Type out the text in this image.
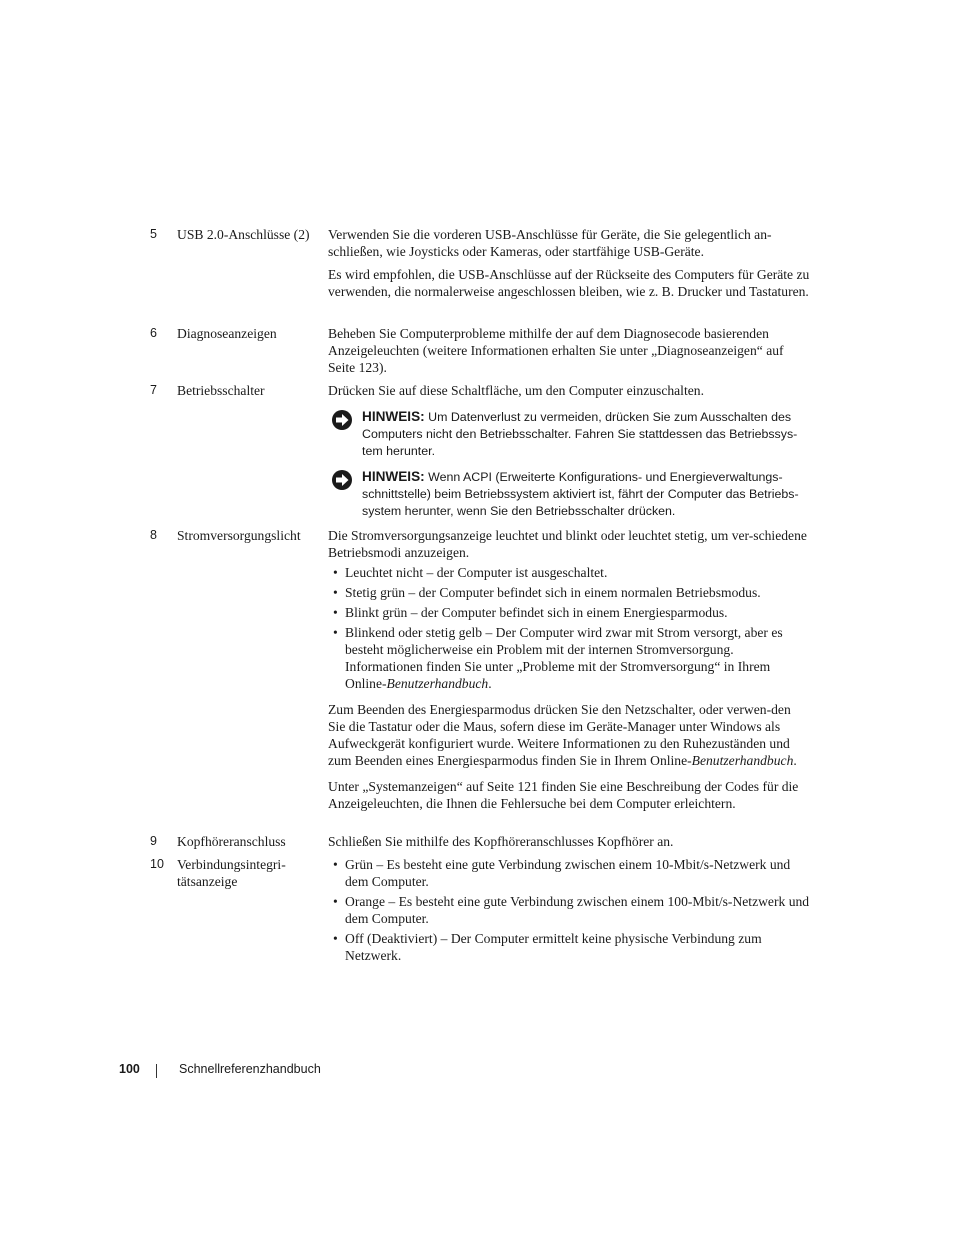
5 USB 2.0-Anschlüsse (2)	Verwenden Sie die vorderen USB-Anschlüsse für Geräte, die Sie gelegentlich an-schließen, wie Joysticks oder Kameras, oder startfähige USB-Geräte.

Es wird empfohlen, die USB-Anschlüsse auf der Rückseite des Computers für Geräte zu verwenden, die normalerweise angeschlossen bleiben, wie z. B. Drucker und Tastaturen.

6 Diagnoseanzeigen	Beheben Sie Computerprobleme mithilfe der auf dem Diagnosecode basierenden Anzeigeleuchten (weitere Informationen erhalten Sie unter „Diagnoseanzeigen“ auf Seite 123).

7 Betriebsschalter	Drücken Sie auf diese Schaltfläche, um den Computer einzuschalten.

HINWEIS: Um Datenverlust zu vermeiden, drücken Sie zum Ausschalten des Computers nicht den Betriebsschalter. Fahren Sie stattdessen das Betriebssys-tem herunter.
HINWEIS: Wenn ACPI (Erweiterte Konfigurations- und Energieverwaltungs-schnittstelle) beim Betriebssystem aktiviert ist, fährt der Computer das Betriebs-system herunter, wenn Sie den Betriebsschalter drücken.
8 Stromversorgungslicht	Die Stromversorgungsanzeige leuchtet und blinkt oder leuchtet stetig, um ver-schiedene Betriebsmodi anzuzeigen.

• Leuchtet nicht – der Computer ist ausgeschaltet.
• Stetig grün – der Computer befindet sich in einem normalen Betriebsmodus.
• Blinkt grün – der Computer befindet sich in einem Energiesparmodus.
• Blinkend oder stetig gelb – Der Computer wird zwar mit Strom versorgt, aber es besteht möglicherweise ein Problem mit der internen Stromversorgung. Informationen finden Sie unter „Probleme mit der Stromversorgung“ in Ihrem Online-Benutzerhandbuch.

Zum Beenden des Energiesparmodus drücken Sie den Netzschalter, oder verwen-den Sie die Tastatur oder die Maus, sofern diese im Geräte-Manager unter Windows als Aufweckgerät konfiguriert wurde. Weitere Informationen zu den Ruhezuständen und zum Beenden eines Energiesparmodus finden Sie in Ihrem Online-Benutzerhandbuch.

Unter „Systemanzeigen“ auf Seite 121 finden Sie eine Beschreibung der Codes für die Anzeigeleuchten, die Ihnen die Fehlersuche bei dem Computer erleichtern.

9 Kopfhöreranschluss	Schließen Sie mithilfe des Kopfhöreranschlusses Kopfhörer an.

10 Verbindungsintegri-tätsanzeige
• Grün – Es besteht eine gute Verbindung zwischen einem 10-Mbit/s-Netzwerk und dem Computer.
• Orange – Es besteht eine gute Verbindung zwischen einem 100-Mbit/s-Netzwerk und dem Computer.
• Off (Deaktiviert) – Der Computer ermittelt keine physische Verbindung zum Netzwerk.
100	Schnellreferenzhandbuch
